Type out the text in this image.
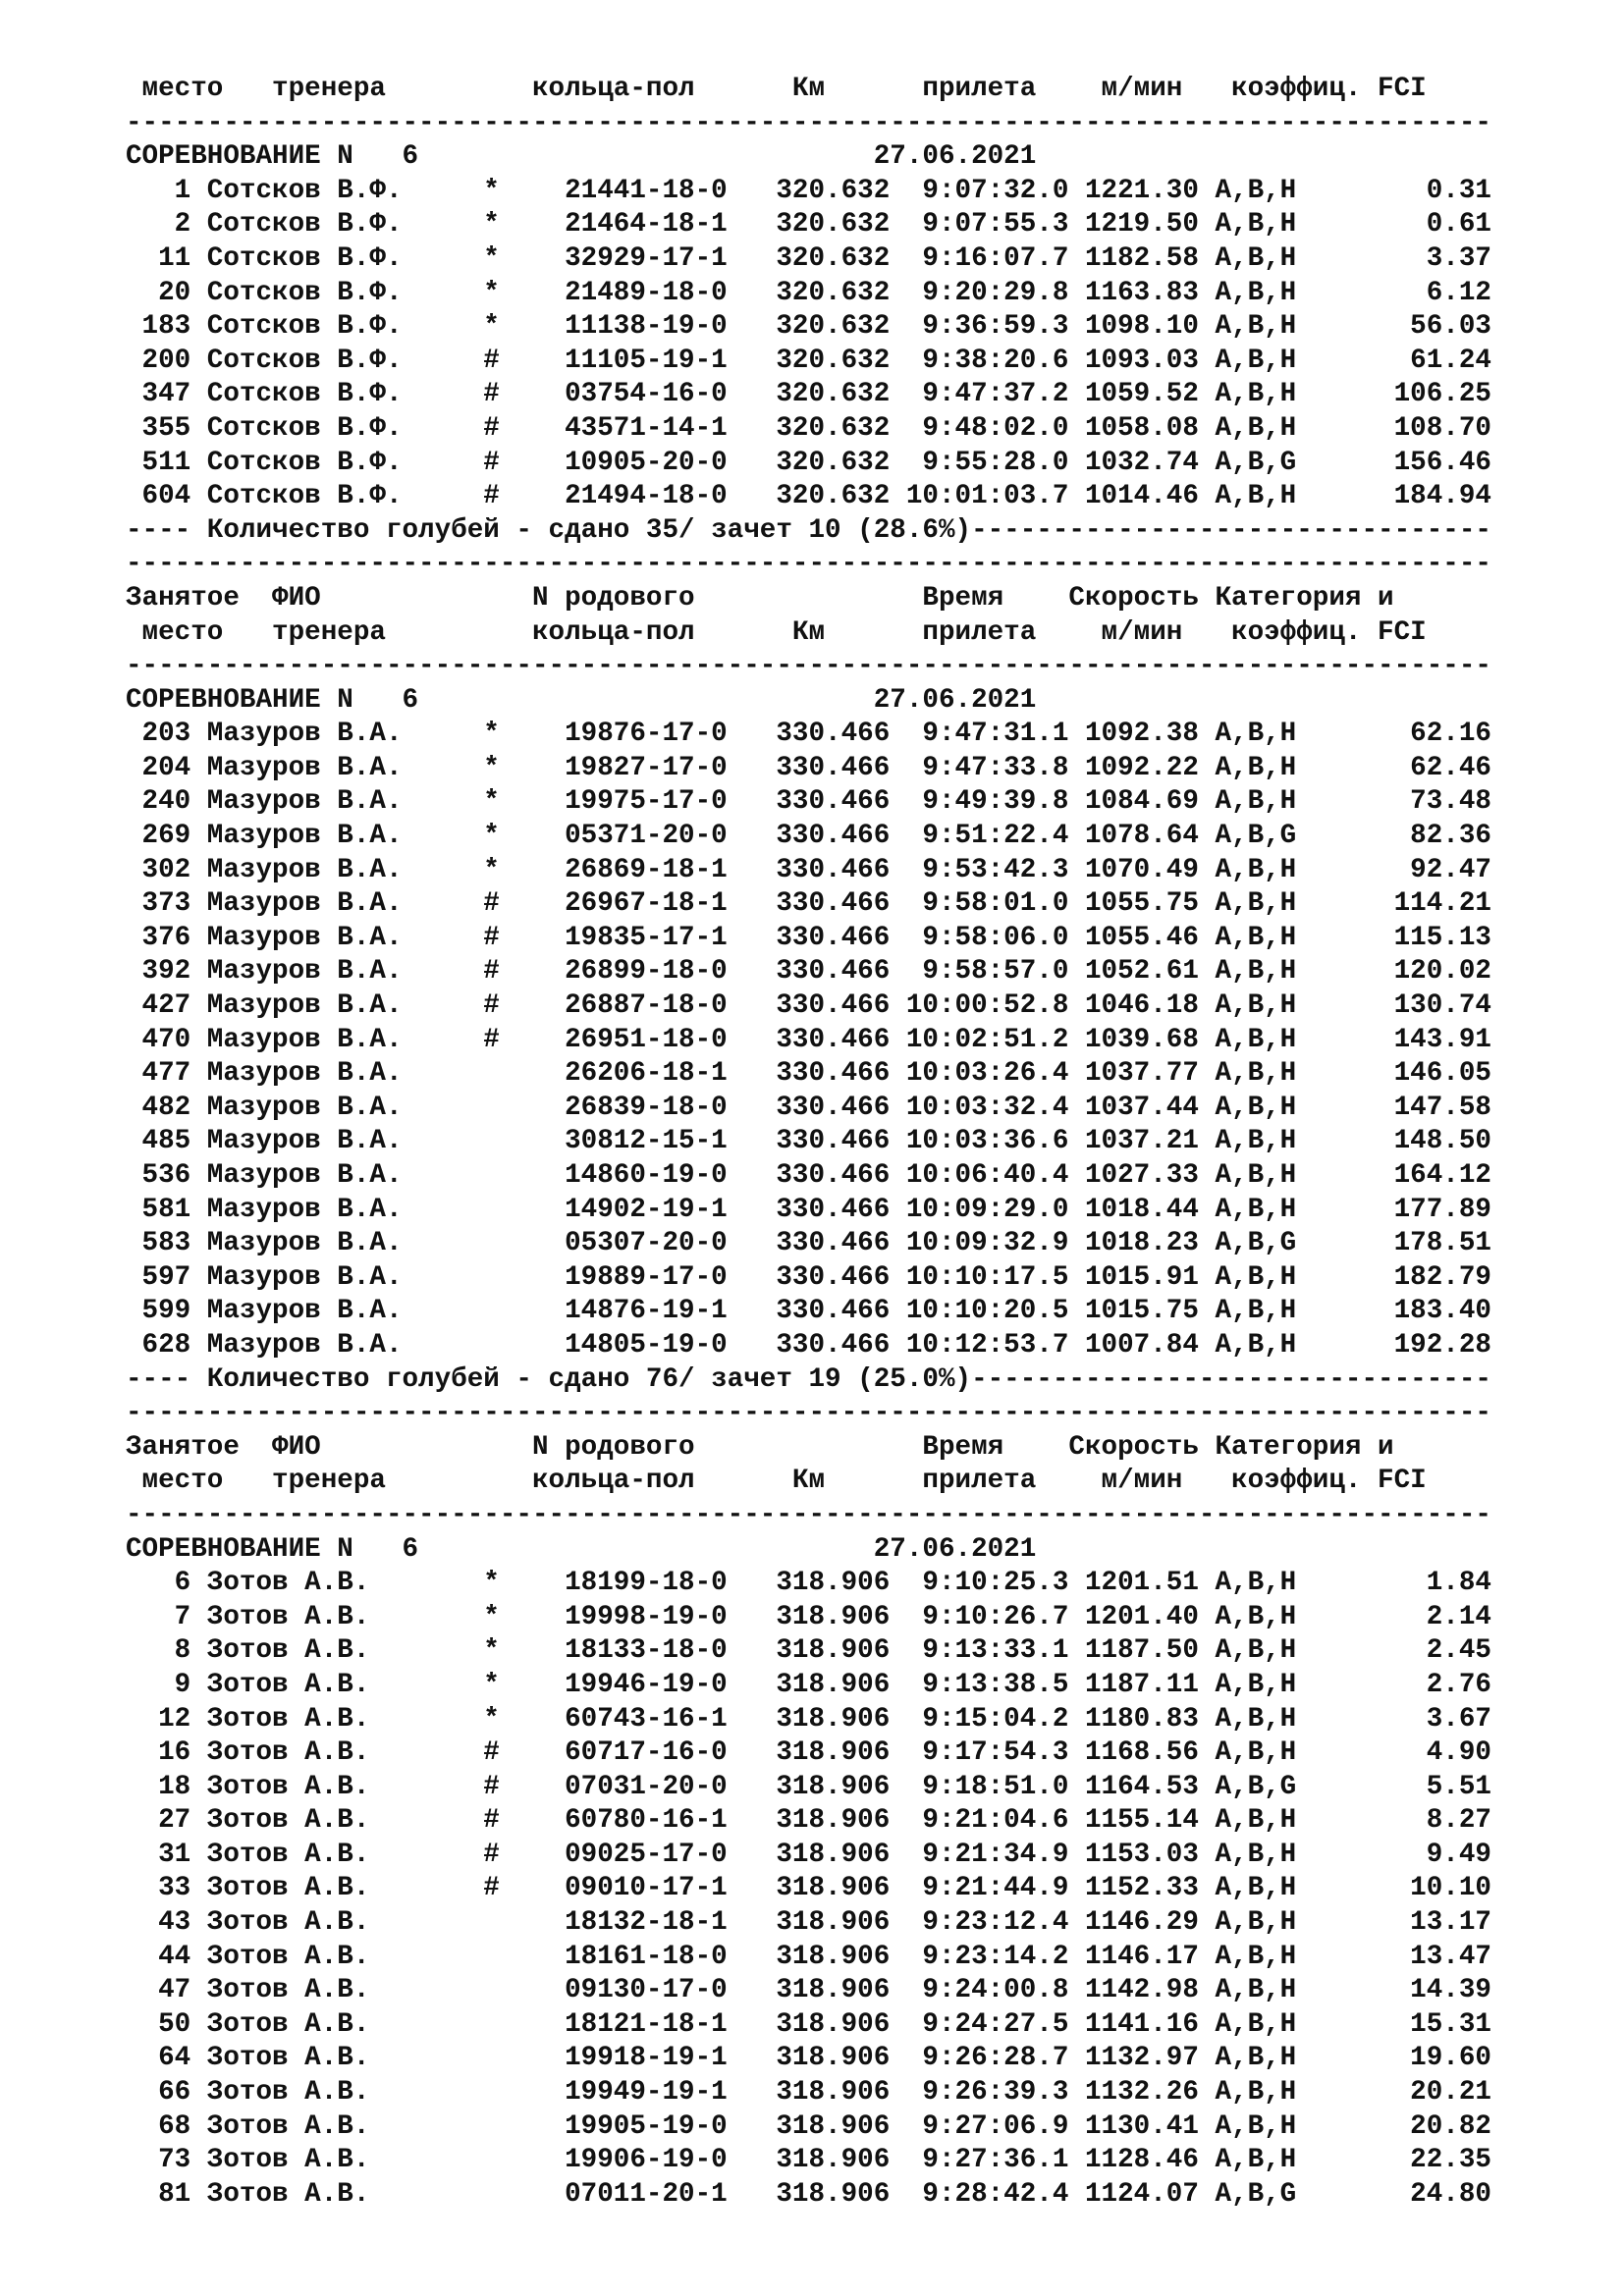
место   тренера         кольца-пол      Км      прилета    м/мин   коэффиц. FCI
------------------------------------------------------------------------------------
СОРЕВНОВАНИЕ N   6                            27.06.2021
1 Сотсков В.Ф.     *    21441-18-0   320.632  9:07:32.0 1221.30 A,B,H        0.31
2 Сотсков В.Ф.     *    21464-18-1   320.632  9:07:55.3 1219.50 A,B,H        0.61
11 Сотсков В.Ф.     *    32929-17-1   320.632  9:16:07.7 1182.58 A,B,H        3.37
20 Сотсков В.Ф.     *    21489-18-0   320.632  9:20:29.8 1163.83 A,B,H        6.12
183 Сотсков В.Ф.     *    11138-19-0   320.632  9:36:59.3 1098.10 A,B,H       56.03
200 Сотсков В.Ф.     #    11105-19-1   320.632  9:38:20.6 1093.03 A,B,H       61.24
347 Сотсков В.Ф.     #    03754-16-0   320.632  9:47:37.2 1059.52 A,B,H      106.25
355 Сотсков В.Ф.     #    43571-14-1   320.632  9:48:02.0 1058.08 A,B,H      108.70
511 Сотсков В.Ф.     #    10905-20-0   320.632  9:55:28.0 1032.74 A,B,G      156.46
604 Сотсков В.Ф.     #    21494-18-0   320.632 10:01:03.7 1014.46 A,B,H      184.94
---- Количество голубей - сдано 35/ зачет 10 (28.6%)--------------------------------
------------------------------------------------------------------------------------
Занятое  ФИО             N родового              Время    Скорость Категория и
место   тренера         кольца-пол      Км      прилета    м/мин   коэффиц. FCI
------------------------------------------------------------------------------------
СОРЕВНОВАНИЕ N   6                            27.06.2021
203 Мазуров В.А.     *    19876-17-0   330.466  9:47:31.1 1092.38 A,B,H       62.16
204 Мазуров В.А.     *    19827-17-0   330.466  9:47:33.8 1092.22 A,B,H       62.46
240 Мазуров В.А.     *    19975-17-0   330.466  9:49:39.8 1084.69 A,B,H       73.48
269 Мазуров В.А.     *    05371-20-0   330.466  9:51:22.4 1078.64 A,B,G       82.36
302 Мазуров В.А.     *    26869-18-1   330.466  9:53:42.3 1070.49 A,B,H       92.47
373 Мазуров В.А.     #    26967-18-1   330.466  9:58:01.0 1055.75 A,B,H      114.21
376 Мазуров В.А.     #    19835-17-1   330.466  9:58:06.0 1055.46 A,B,H      115.13
392 Мазуров В.А.     #    26899-18-0   330.466  9:58:57.0 1052.61 A,B,H      120.02
427 Мазуров В.А.     #    26887-18-0   330.466 10:00:52.8 1046.18 A,B,H      130.74
470 Мазуров В.А.     #    26951-18-0   330.466 10:02:51.2 1039.68 A,B,H      143.91
477 Мазуров В.А.          26206-18-1   330.466 10:03:26.4 1037.77 A,B,H      146.05
482 Мазуров В.А.          26839-18-0   330.466 10:03:32.4 1037.44 A,B,H      147.58
485 Мазуров В.А.          30812-15-1   330.466 10:03:36.6 1037.21 A,B,H      148.50
536 Мазуров В.А.          14860-19-0   330.466 10:06:40.4 1027.33 A,B,H      164.12
581 Мазуров В.А.          14902-19-1   330.466 10:09:29.0 1018.44 A,B,H      177.89
583 Мазуров В.А.          05307-20-0   330.466 10:09:32.9 1018.23 A,B,G      178.51
597 Мазуров В.А.          19889-17-0   330.466 10:10:17.5 1015.91 A,B,H      182.79
599 Мазуров В.А.          14876-19-1   330.466 10:10:20.5 1015.75 A,B,H      183.40
628 Мазуров В.А.          14805-19-0   330.466 10:12:53.7 1007.84 A,B,H      192.28
---- Количество голубей - сдано 76/ зачет 19 (25.0%)--------------------------------
------------------------------------------------------------------------------------
Занятое  ФИО             N родового              Время    Скорость Категория и
место   тренера         кольца-пол      Км      прилета    м/мин   коэффиц. FCI
------------------------------------------------------------------------------------
СОРЕВНОВАНИЕ N   6                            27.06.2021
6 Зотов А.В.       *    18199-18-0   318.906  9:10:25.3 1201.51 A,B,H        1.84
7 Зотов А.В.       *    19998-19-0   318.906  9:10:26.7 1201.40 A,B,H        2.14
8 Зотов А.В.       *    18133-18-0   318.906  9:13:33.1 1187.50 A,B,H        2.45
9 Зотов А.В.       *    19946-19-0   318.906  9:13:38.5 1187.11 A,B,H        2.76
12 Зотов А.В.       *    60743-16-1   318.906  9:15:04.2 1180.83 A,B,H        3.67
16 Зотов А.В.       #    60717-16-0   318.906  9:17:54.3 1168.56 A,B,H        4.90
18 Зотов А.В.       #    07031-20-0   318.906  9:18:51.0 1164.53 A,B,G        5.51
27 Зотов А.В.       #    60780-16-1   318.906  9:21:04.6 1155.14 A,B,H        8.27
31 Зотов А.В.       #    09025-17-0   318.906  9:21:34.9 1153.03 A,B,H        9.49
33 Зотов А.В.       #    09010-17-1   318.906  9:21:44.9 1152.33 A,B,H       10.10
43 Зотов А.В.            18132-18-1   318.906  9:23:12.4 1146.29 A,B,H       13.17
44 Зотов А.В.            18161-18-0   318.906  9:23:14.2 1146.17 A,B,H       13.47
47 Зотов А.В.            09130-17-0   318.906  9:24:00.8 1142.98 A,B,H       14.39
50 Зотов А.В.            18121-18-1   318.906  9:24:27.5 1141.16 A,B,H       15.31
64 Зотов А.В.            19918-19-1   318.906  9:26:28.7 1132.97 A,B,H       19.60
66 Зотов А.В.            19949-19-1   318.906  9:26:39.3 1132.26 A,B,H       20.21
68 Зотов А.В.            19905-19-0   318.906  9:27:06.9 1130.41 A,B,H       20.82
73 Зотов А.В.            19906-19-0   318.906  9:27:36.1 1128.46 A,B,H       22.35
81 Зотов А.В.            07011-20-1   318.906  9:28:42.4 1124.07 A,B,G       24.80
